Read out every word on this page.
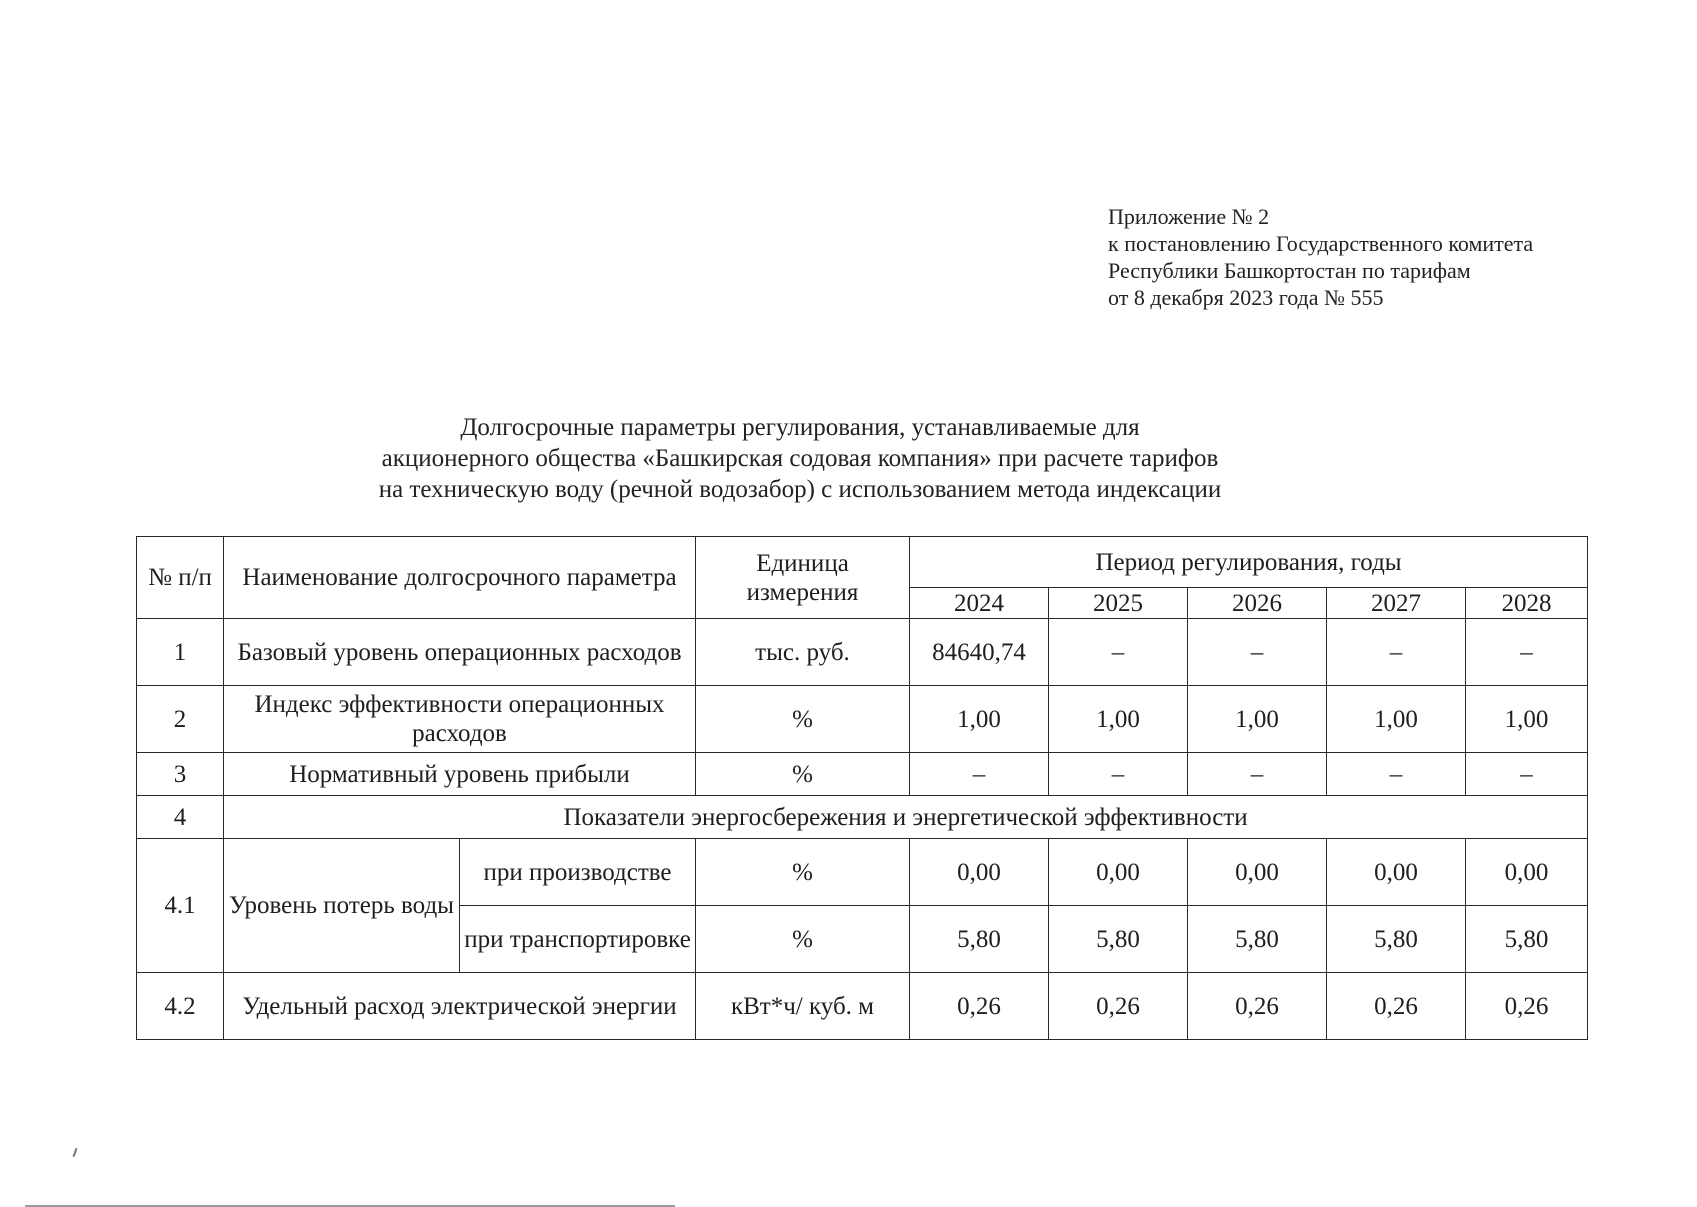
Приложение № 2
к постановлению Государственного комитета
Республики Башкортостан по тарифам
от 8 декабря 2023 года № 555
Долгосрочные параметры регулирования, устанавливаемые для
акционерного общества «Башкирская содовая компания» при расчете тарифов
на техническую воду (речной водозабор) с использованием метода индексации
№ п/п	Наименование долгосрочного параметра		Единица измерения	Период регулирования, годы				
				2024	2025	2026	2027	2028
1	Базовый уровень операционных расходов		тыс. руб.	84640,74	–	–	–	–
2	Индекс эффективности операционных расходов		%	1,00	1,00	1,00	1,00	1,00
3	Нормативный уровень прибыли		%	–	–	–	–	–
4	Показатели энергосбережения и энергетической эффективности							
4.1	Уровень потерь воды	при производстве	%	0,00	0,00	0,00	0,00	0,00
		при транспортировке	%	5,80	5,80	5,80	5,80	5,80
4.2	Удельный расход электрической энергии		кВт*ч/ куб. м	0,26	0,26	0,26	0,26	0,26
